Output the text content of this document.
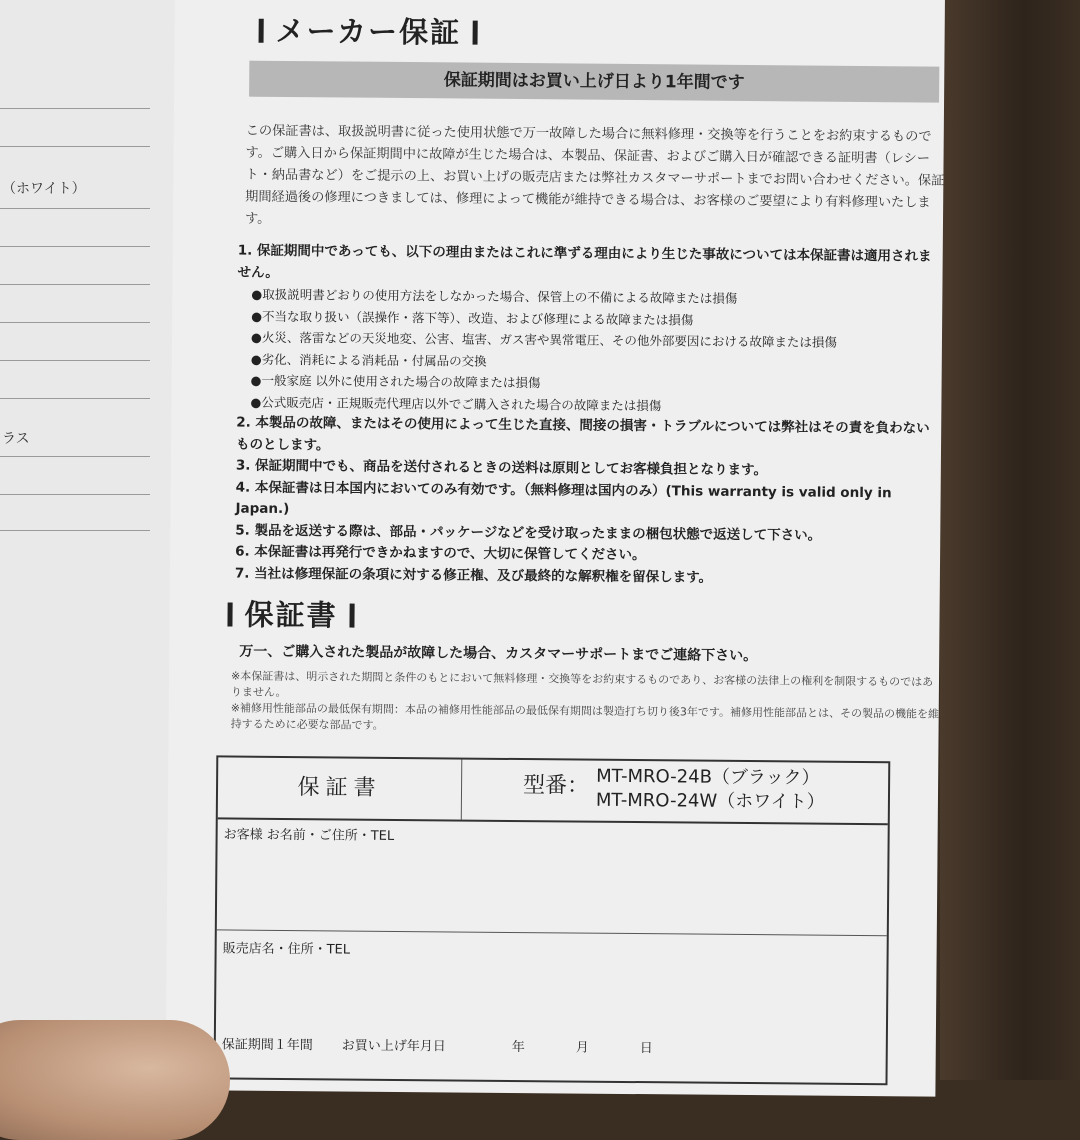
（ホワイト）
ラス
メーカー保証
保証期間はお買い上げ日より1年間です
この保証書は、取扱説明書に従った使用状態で万一故障した場合に無料修理・交換等を行うことをお約束するものです。ご購入日から保証期間中に故障が生じた場合は、本製品、保証書、およびご購入日が確認できる証明書（レシート・納品書など）をご提示の上、お買い上げの販売店または弊社カスタマーサポートまでお問い合わせください。保証期間経過後の修理につきましては、修理によって機能が維持できる場合は、お客様のご要望により有料修理いたします。
1. 保証期間中であっても、以下の理由またはこれに準ずる理由により生じた事故については本保証書は適用されません。
●取扱説明書どおりの使用方法をしなかった場合、保管上の不備による故障または損傷
●不当な取り扱い（誤操作・落下等）、改造、および修理による故障または損傷
●火災、落雷などの天災地変、公害、塩害、ガス害や異常電圧、その他外部要因における故障または損傷
●劣化、消耗による消耗品・付属品の交換
●一般家庭 以外に使用された場合の故障または損傷
●公式販売店・正規販売代理店以外でご購入された場合の故障または損傷
2. 本製品の故障、またはその使用によって生じた直接、間接の損害・トラブルについては弊社はその責を負わないものとします。
3. 保証期間中でも、商品を送付されるときの送料は原則としてお客様負担となります。
4. 本保証書は日本国内においてのみ有効です。（無料修理は国内のみ）(This warranty is valid only in Japan.)
5. 製品を返送する際は、部品・パッケージなどを受け取ったままの梱包状態で返送して下さい。
6. 本保証書は再発行できかねますので、大切に保管してください。
7. 当社は修理保証の条項に対する修正権、及び最終的な解釈権を留保します。
保証書
万一、ご購入された製品が故障した場合、カスタマーサポートまでご連絡下さい。
※本保証書は、明示された期間と条件のもとにおいて無料修理・交換等をお約束するものであり、お客様の法律上の権利を制限するものではありません。
※補修用性能部品の最低保有期間：本品の補修用性能部品の最低保有期間は製造打ち切り後3年です。補修用性能部品とは、その製品の機能を維持するために必要な部品です。
保証書	型番： MT-MRO-24B（ブラック）
MT-MRO-24W（ホワイト）
お客様 お名前・ご住所・TEL
販売店名・住所・TEL
保証期間１年間 お買い上げ年月日	年	月	日
